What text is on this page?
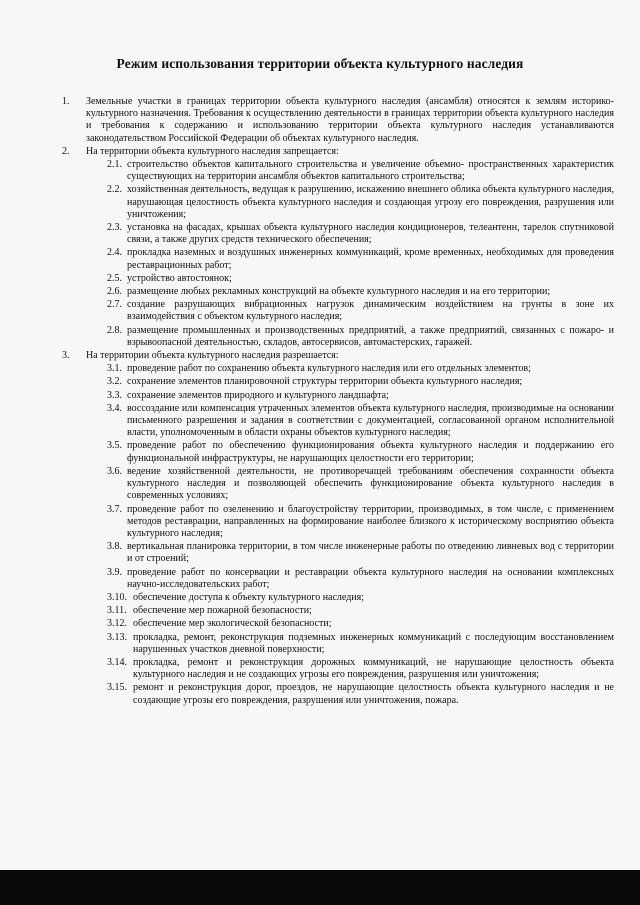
Режим использования территории объекта культурного наследия
1.	Земельные участки в границах территории объекта культурного наследия (ансамбля) относятся к землям историко-культурного назначения. Требования к осуществлению деятельности в границах территории объекта культурного наследия и требования к содержанию и использованию территории объекта культурного наследия устанавливаются законодательством Российской Федерации об объектах культурного наследия.
2.	На территории объекта культурного наследия запрещается:
2.1. строительство объектов капитального строительства и увеличение объемно- пространственных характеристик существующих на территории ансамбля объектов капитального строительства;
2.2. хозяйственная деятельность, ведущая к разрушению, искажению внешнего облика объекта культурного наследия, нарушающая целостность объекта культурного наследия и создающая угрозу его повреждения, разрушения или уничтожения;
2.3. установка на фасадах, крышах объекта культурного наследия кондиционеров, телеантенн, тарелок спутниковой связи, а также других средств технического обеспечения;
2.4. прокладка наземных и воздушных инженерных коммуникаций, кроме временных, необходимых для проведения реставрационных работ;
2.5. устройство автостоянок;
2.6. размещение любых рекламных конструкций на объекте культурного наследия и на его территории;
2.7. создание разрушающих вибрационных нагрузок динамическим воздействием на грунты в зоне их взаимодействия с объектом культурного наследия;
2.8. размещение промышленных и производственных предприятий, а также предприятий, связанных с пожаро- и взрывоопасной деятельностью, складов, автосервисов, автомастерских, гаражей.
3.	На территории объекта культурного наследия разрешается:
3.1. проведение работ по сохранению объекта культурного наследия или его отдельных элементов;
3.2. сохранение элементов планировочной структуры территории объекта культурного наследия;
3.3. сохранение элементов природного и культурного ландшафта;
3.4. воссоздание или компенсация утраченных элементов объекта культурного наследия, производимые на основании письменного разрешения и задания в соответствии с документацией, согласованной органом исполнительной власти, уполномоченным в области охраны объектов культурного наследия;
3.5. проведение работ по обеспечению функционирования объекта культурного наследия и поддержанию его функциональной инфраструктуры, не нарушающих целостности его территории;
3.6. ведение хозяйственной деятельности, не противоречащей требованиям обеспечения сохранности объекта культурного наследия и позволяющей обеспечить функционирование объекта культурного наследия в современных условиях;
3.7. проведение работ по озеленению и благоустройству территории, производимых, в том числе, с применением методов реставрации, направленных на формирование наиболее близкого к историческому восприятию объекта культурного наследия;
3.8. вертикальная планировка территории, в том числе инженерные работы по отведению ливневых вод с территории и от строений;
3.9. проведение работ по консервации и реставрации объекта культурного наследия на основании комплексных научно-исследовательских работ;
3.10. обеспечение доступа к объекту культурного наследия;
3.11. обеспечение мер пожарной безопасности;
3.12. обеспечение мер экологической безопасности;
3.13. прокладка, ремонт, реконструкция подземных инженерных коммуникаций с последующим восстановлением нарушенных участков дневной поверхности;
3.14. прокладка, ремонт и реконструкция дорожных коммуникаций, не нарушающие целостность объекта культурного наследия и не создающих угрозы его повреждения, разрушения или уничтожения;
3.15. ремонт и реконструкция дорог, проездов, не нарушающие целостность объекта культурного наследия и не создающие угрозы его повреждения, разрушения или уничтожения, пожара.
